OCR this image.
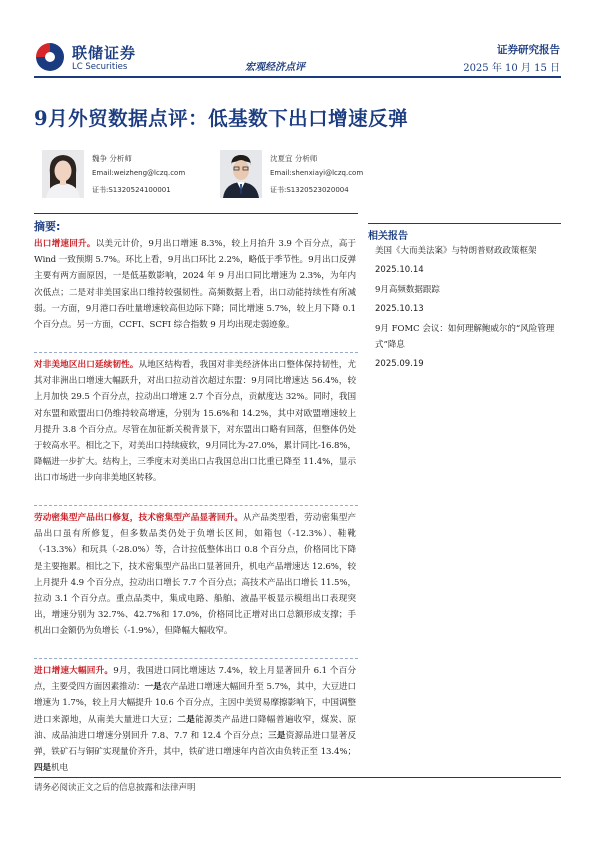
联储证券
LC Securities	宏观经济点评
证券研究报告
2025 年 10 月 15 日
9月外贸数据点评：低基数下出口增速反弹
魏争 分析师
Email:weizheng@lczq.com
证书:S1320524100001
沈夏宜 分析师
Email:shenxiayi@lczq.com
证书:S1320523020004
摘要:
出口增速回升。以美元计价，9月出口增速 8.3%，较上月抬升 3.9 个百分点，高于 Wind 一致预期 5.7%。环比上看，9月出口环比 2.2%，略低于季节性。9月出口反弹主要有两方面原因，一是低基数影响，2024 年 9 月出口同比增速为 2.3%，为年内次低点；二是对非美国家出口维持较强韧性。高频数据上看，出口动能持续性有所减弱。一方面，9月港口吞吐量增速较高但边际下降；同比增速 5.7%，较上月下降 0.1 个百分点。另一方面，CCFI、SCFI 综合指数 9 月均出现走弱迹象。
对非美地区出口延续韧性。从地区结构看，我国对非美经济体出口整体保持韧性，尤其对非洲出口增速大幅跃升，对出口拉动首次超过东盟：9月同比增速达 56.4%，较上月加快 29.5 个百分点，拉动出口增速 2.7 个百分点，贡献度达 32%。同时，我国对东盟和欧盟出口仍维持较高增速，分别为 15.6%和 14.2%，其中对欧盟增速较上月提升 3.8 个百分点。尽管在加征新关税背景下，对东盟出口略有回落，但整体仍处于较高水平。相比之下，对美出口持续疲软，9月同比为-27.0%，累计同比-16.8%，降幅进一步扩大。结构上，三季度末对美出口占我国总出口比重已降至 11.4%，显示出口市场进一步向非美地区转移。
劳动密集型产品出口修复，技术密集型产品显著回升。从产品类型看，劳动密集型产品出口虽有所修复，但多数品类仍处于负增长区间，如箱包（-12.3%）、鞋靴（-13.3%）和玩具（-28.0%）等，合计拉低整体出口 0.8 个百分点，价格同比下降是主要拖累。相比之下，技术密集型产品出口显著回升，机电产品增速达 12.6%，较上月提升 4.9 个百分点，拉动出口增长 7.7 个百分点；高技术产品出口增长 11.5%，拉动 3.1 个百分点。重点品类中，集成电路、船舶、液晶平板显示模组出口表现突出，增速分别为 32.7%、42.7%和 17.0%，价格同比正增对出口总额形成支撑；手机出口金额仍为负增长（-1.9%），但降幅大幅收窄。
进口增速大幅回升。9月，我国进口同比增速达 7.4%，较上月显著回升 6.1 个百分点，主要受四方面因素推动：一是农产品进口增速大幅回升至 5.7%，其中，大豆进口增速为 1.7%，较上月大幅提升 10.6 个百分点，主因中美贸易摩擦影响下，中国调整进口来源地，从南美大量进口大豆；二是能源类产品进口降幅普遍收窄，煤炭、原油、成品油进口增速分别回升 7.8、7.7 和 12.4 个百分点；三是资源品进口显著反弹，铁矿石与铜矿实现量价齐升，其中，铁矿进口增速年内首次由负转正至 13.4%；四是机电
相关报告
美国《大而美法案》与特朗普财政政策框架
2025.10.14
9月高频数据跟踪
2025.10.13
9月 FOMC 会议：如何理解鲍威尔的“风险管理式”降息
2025.09.19
请务必阅读正文之后的信息披露和法律声明
